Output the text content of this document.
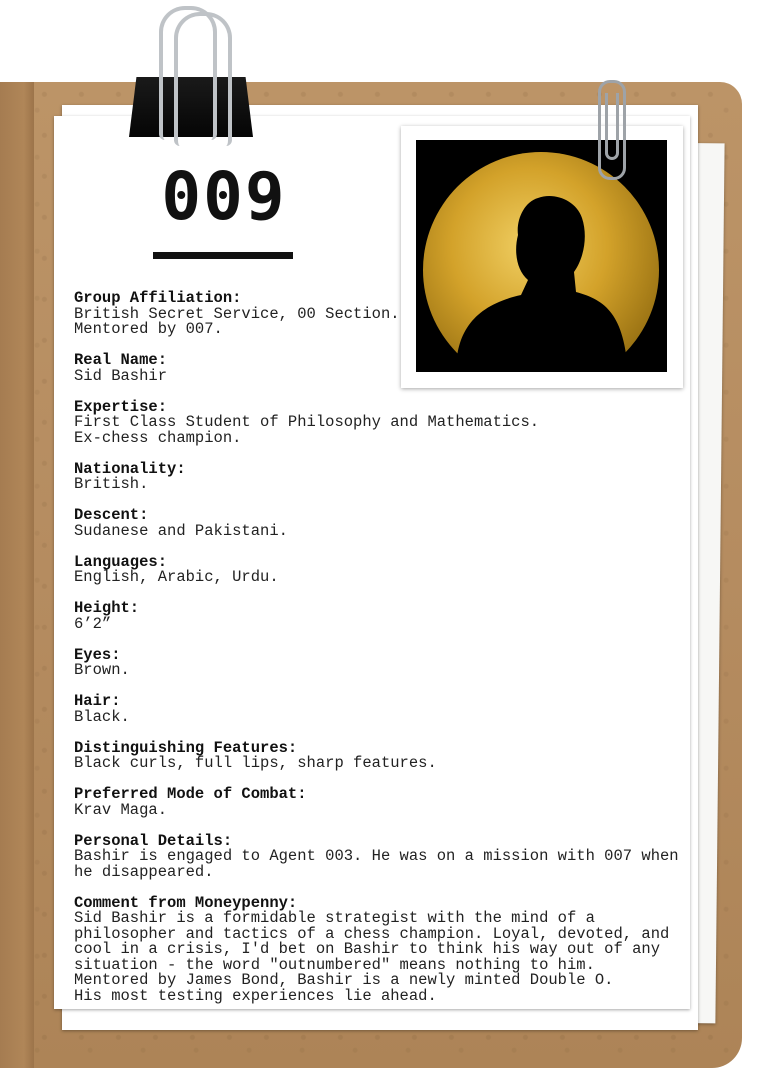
009
Group Affiliation:
British Secret Service, 00 Section.
Mentored by 007.
Real Name:
Sid Bashir
Expertise:
First Class Student of Philosophy and Mathematics.
Ex-chess champion.
Nationality:
British.
Descent:
Sudanese and Pakistani.
Languages:
English, Arabic, Urdu.
Height:
6’2”
Eyes:
Brown.
Hair:
Black.
Distinguishing Features:
Black curls, full lips, sharp features.
Preferred Mode of Combat:
Krav Maga.
Personal Details:
Bashir is engaged to Agent 003. He was on a mission with 007 when
he disappeared.
Comment from Moneypenny:
Sid Bashir is a formidable strategist with the mind of a
philosopher and tactics of a chess champion. Loyal, devoted, and
cool in a crisis, I'd bet on Bashir to think his way out of any
situation - the word "outnumbered" means nothing to him.
Mentored by James Bond, Bashir is a newly minted Double O.
His most testing experiences lie ahead.
